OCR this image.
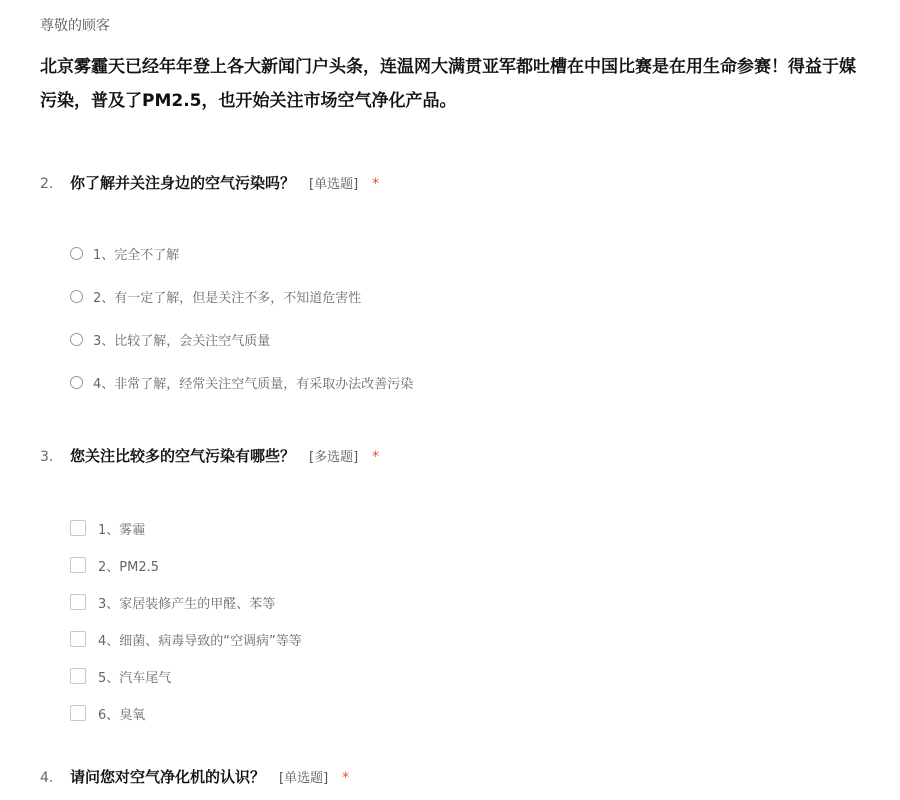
尊敬的顾客
北京雾霾天已经年年登上各大新闻门户头条，连温网大满贯亚军都吐槽在中国比赛是在用生命参赛！得益于媒
污染，普及了PM2.5，也开始关注市场空气净化产品。
2.	你了解并关注身边的空气污染吗？ [单选题] *
1、完全不了解
2、有一定了解，但是关注不多，不知道危害性
3、比较了解，会关注空气质量
4、非常了解，经常关注空气质量，有采取办法改善污染
3.	您关注比较多的空气污染有哪些？ [多选题] *
1、雾霾
2、PM2.5
3、家居装修产生的甲醛、苯等
4、细菌、病毒导致的“空调病”等等
5、汽车尾气
6、臭氧
4.	请问您对空气净化机的认识？ [单选题] *
